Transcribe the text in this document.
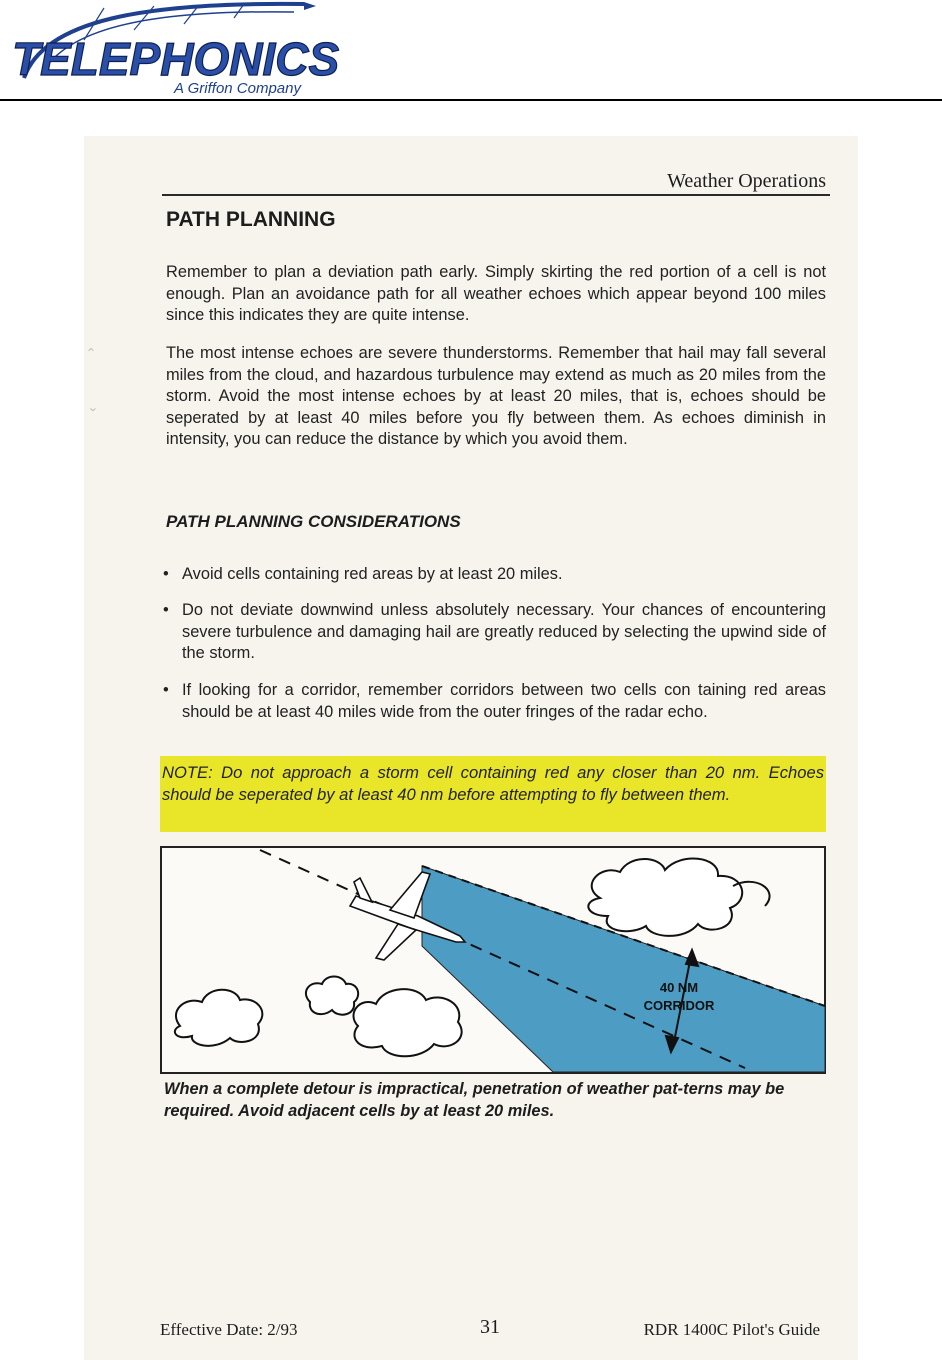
TELEPHONICS
A Griffon Company
ˆ
ˇ
Weather Operations
PATH PLANNING
Remember to plan a deviation path early. Simply skirting the red portion of a cell is not enough. Plan an avoidance path for all weather echoes which appear beyond 100 miles since this indicates they are quite intense.
The most intense echoes are severe thunderstorms. Remember that hail may fall several miles from the cloud, and hazardous turbulence may extend as much as 20 miles from the storm. Avoid the most intense echoes by at least 20 miles, that is, echoes should be seperated by at least 40 miles before you fly between them. As echoes diminish in intensity, you can reduce the distance by which you avoid them.
PATH PLANNING CONSIDERATIONS
• Avoid cells containing red areas by at least 20 miles.
• Do not deviate downwind unless absolutely necessary. Your chances of encountering severe turbulence and damaging hail are greatly reduced by selecting the upwind side of the storm.
• If looking for a corridor, remember corridors between two cells con taining red areas should be at least 40 miles wide from the outer fringes of the radar echo.
NOTE: Do not approach a storm cell containing red any closer than 20 nm. Echoes should be seperated by at least 40 nm before attempting to fly between them.
40 NM
CORRIDOR
When a complete detour is impractical, penetration of weather pat-terns may be required. Avoid adjacent cells by at least 20 miles.
Effective Date: 2/93	31	RDR 1400C Pilot's Guide
